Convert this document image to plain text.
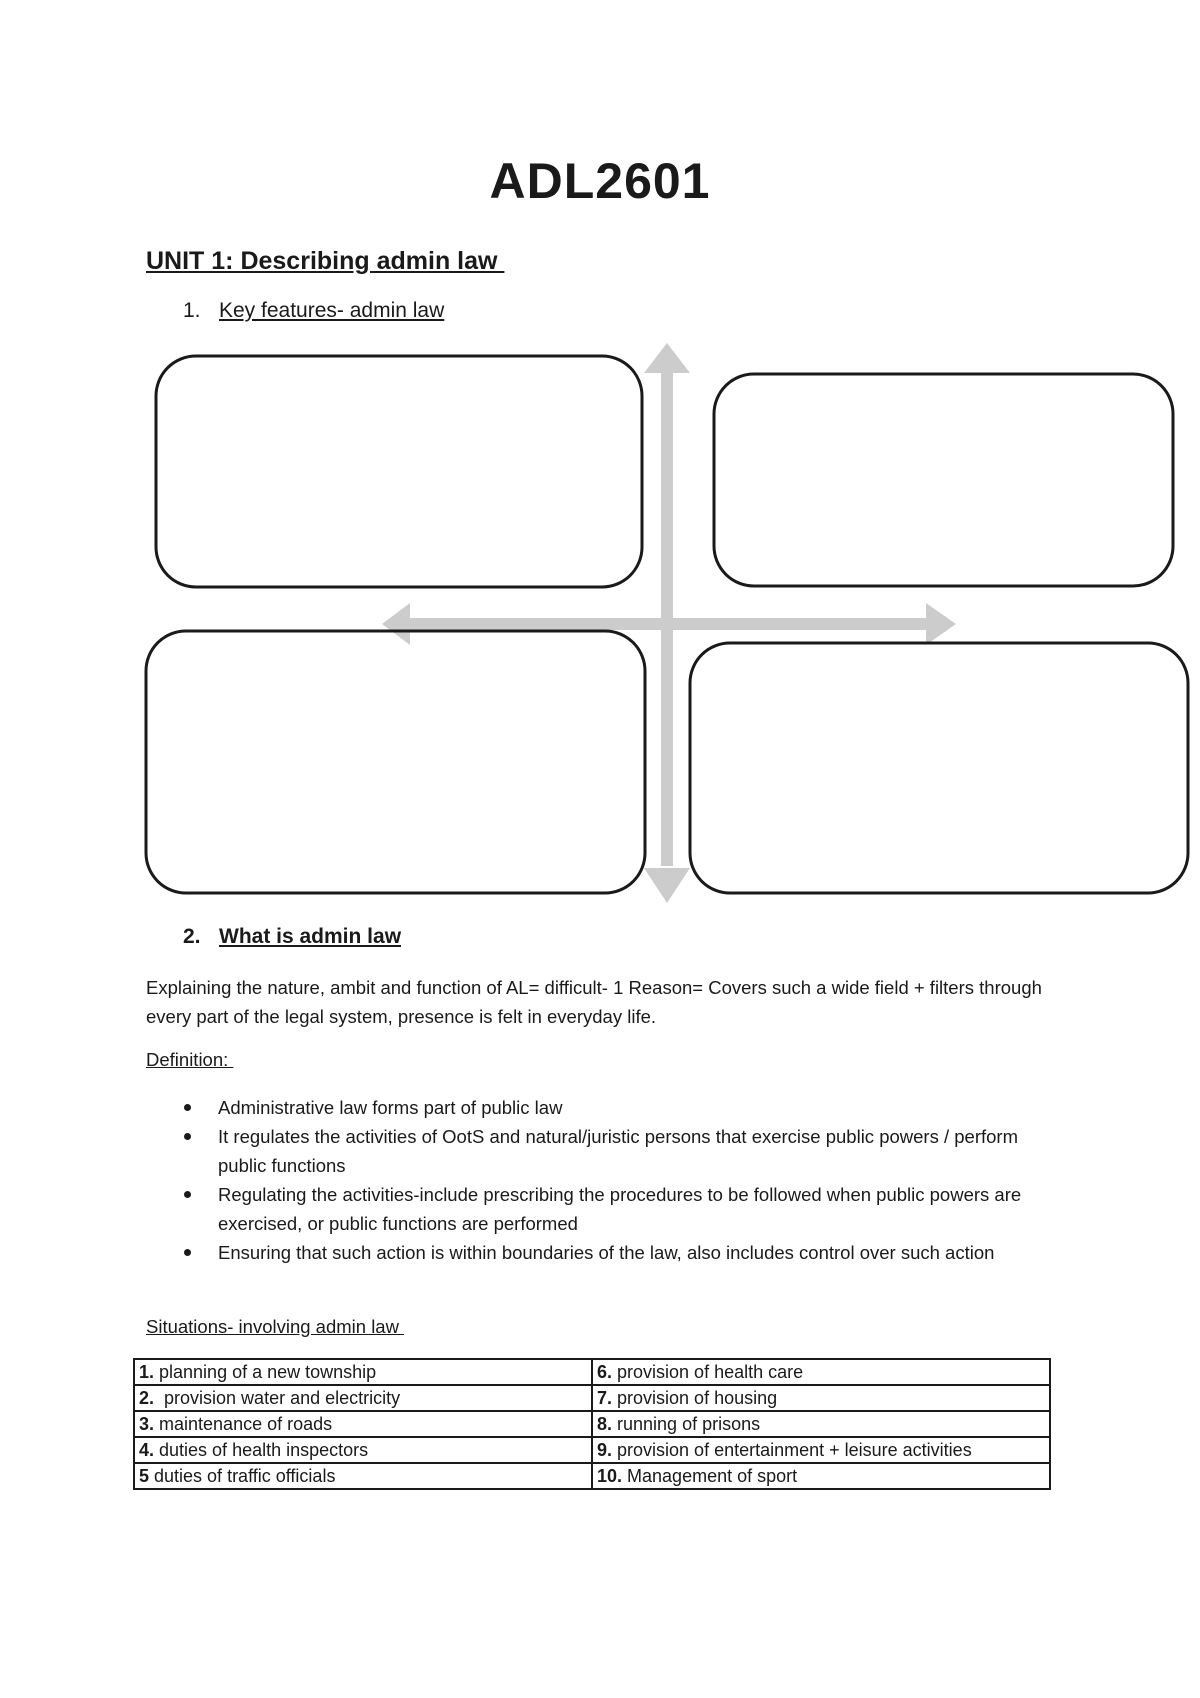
ADL2601
UNIT 1: Describing admin law
1. Key features- admin law
2. What is admin law

Explaining the nature, ambit and function of AL= difficult- 1 Reason= Covers such a wide field + filters through every part of the legal system, presence is felt in everyday life.

Definition:

Administrative law forms part of public law
It regulates the activities of OotS and natural/juristic persons that exercise public powers / perform public functions
Regulating the activities-include prescribing the procedures to be followed when public powers are exercised, or public functions are performed
Ensuring that such action is within boundaries of the law, also includes control over such action

Situations- involving admin law

1. planning of a new township	6. provision of health care
2.  provision water and electricity	7. provision of housing
3. maintenance of roads	8. running of prisons
4. duties of health inspectors	9. provision of entertainment + leisure activities
5 duties of traffic officials	10. Management of sport
